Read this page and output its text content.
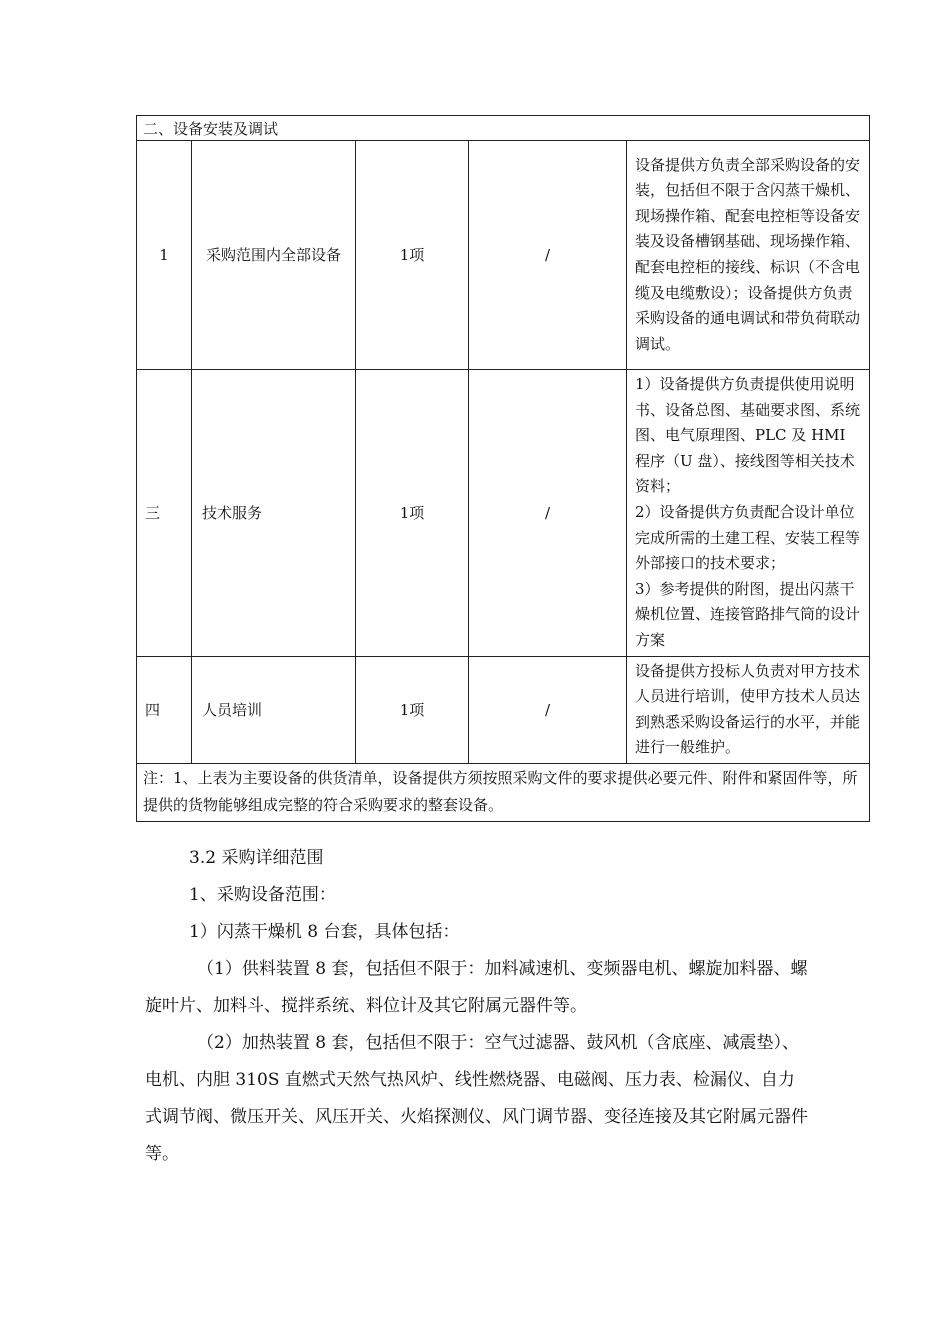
二、设备安装及调试				
1	采购范围内全部设备	1项	/	设备提供方负责全部采购设备的安装，包括但不限于含闪蒸干燥机、现场操作箱、配套电控柜等设备安装及设备槽钢基础、现场操作箱、配套电控柜的接线、标识（不含电缆及电缆敷设）；设备提供方负责采购设备的通电调试和带负荷联动调试。
三	技术服务	1项	/	1）设备提供方负责提供使用说明书、设备总图、基础要求图、系统图、电气原理图、PLC 及 HMI 程序（U 盘）、接线图等相关技术资料；
2）设备提供方负责配合设计单位完成所需的土建工程、安装工程等外部接口的技术要求；
3）参考提供的附图，提出闪蒸干燥机位置、连接管路排气筒的设计方案

四	人员培训	1项	/	设备提供方投标人负责对甲方技术人员进行培训，使甲方技术人员达到熟悉采购设备运行的水平，并能进行一般维护。
注：1、上表为主要设备的供货清单，设备提供方须按照采购文件的要求提供必要元件、附件和紧固件等，所提供的货物能够组成完整的符合采购要求的整套设备。				

3.2 采购详细范围

1、采购设备范围：

1）闪蒸干燥机 8 台套，具体包括：

（1）供料装置 8 套，包括但不限于：加料减速机、变频器电机、螺旋加料器、螺旋叶片、加料斗、搅拌系统、料位计及其它附属元器件等。

（2）加热装置 8 套，包括但不限于：空气过滤器、鼓风机（含底座、减震垫）、电机、内胆 310S 直燃式天然气热风炉、线性燃烧器、电磁阀、压力表、检漏仪、自力式调节阀、微压开关、风压开关、火焰探测仪、风门调节器、变径连接及其它附属元器件等。
